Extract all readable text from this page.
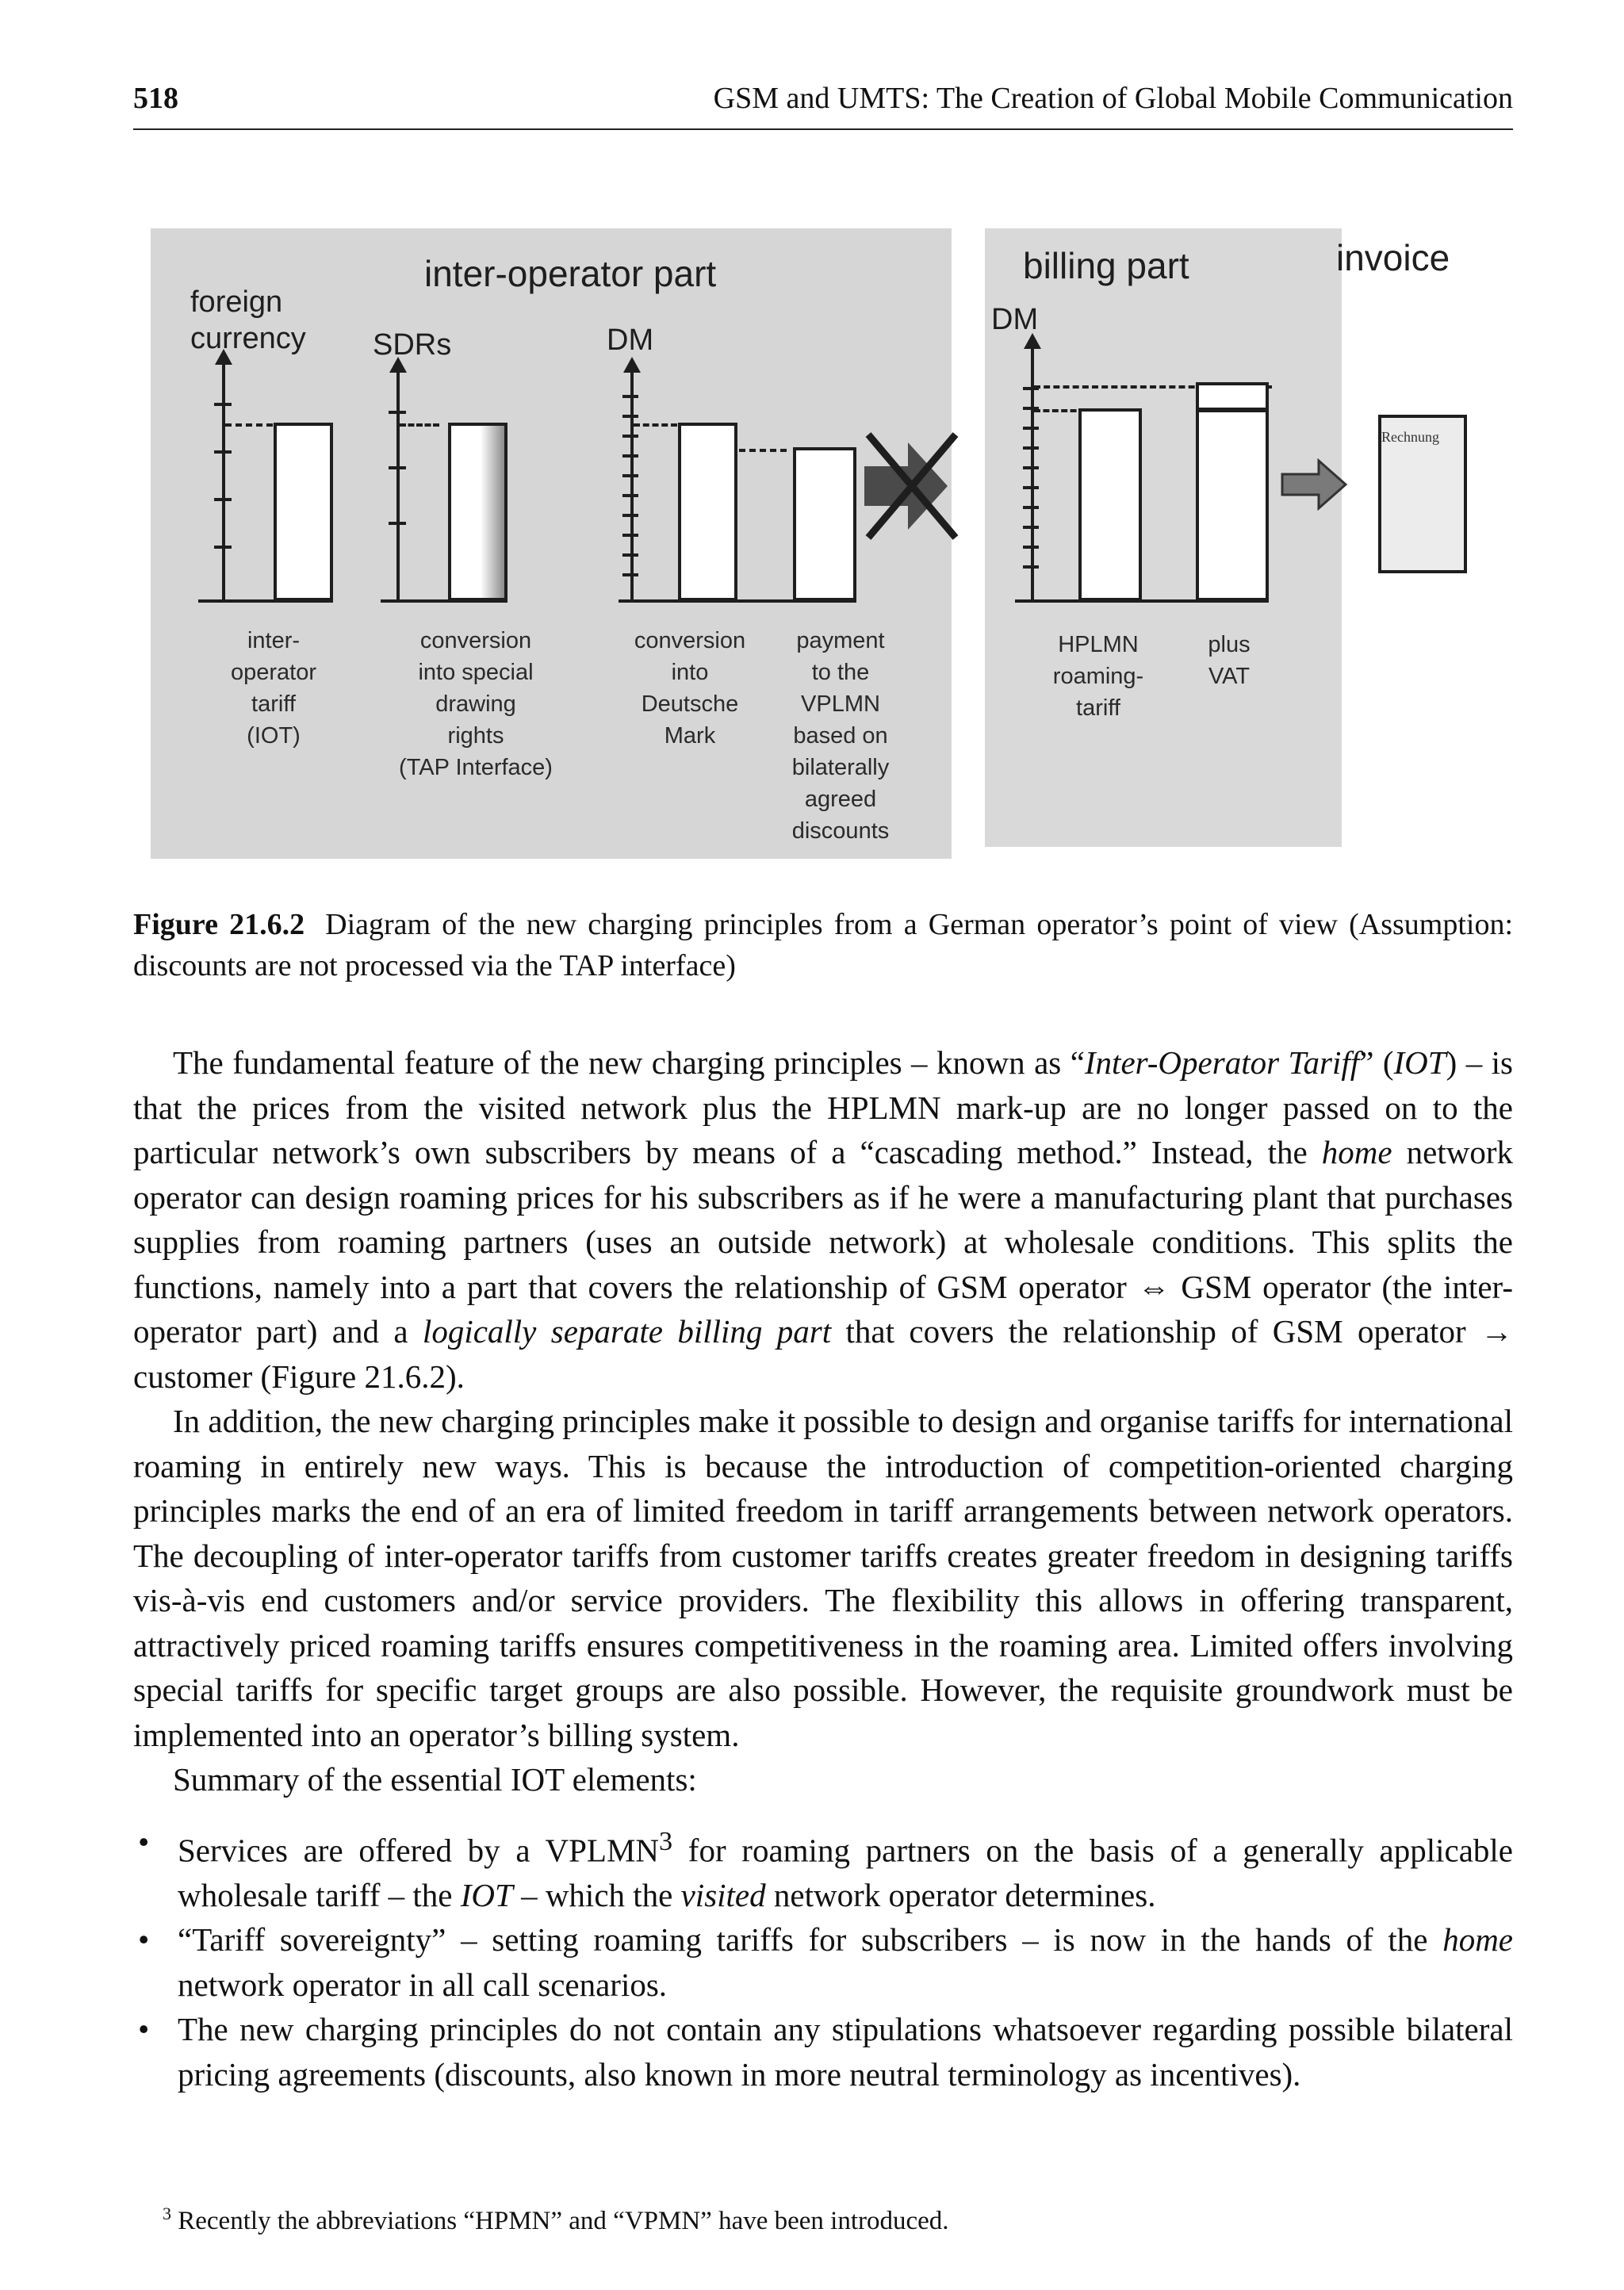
518	GSM and UMTS: The Creation of Global Mobile Communication
inter-operator part	billing part	invoice
foreign
currency SDRs	DM
DM
Rechnung
inter-
operator
tariff
(IOT)
conversion
into special
drawing
rights
(TAP Interface)
conversion
into
Deutsche
Mark
payment
to the
VPLMN
based on
bilaterally
agreed
discounts
HPLMN
roaming-
tariff
plus
VAT
Figure 21.6.2 Diagram of the new charging principles from a German operator’s point of view (Assumption: discounts are not processed via the TAP interface)

The fundamental feature of the new charging principles – known as “Inter-Operator Tariff” (IOT) – is that the prices from the visited network plus the HPLMN mark-up are no longer passed on to the particular network’s own subscribers by means of a “cascading method.” Instead, the home network operator can design roaming prices for his subscribers as if he were a manufacturing plant that purchases supplies from roaming partners (uses an outside network) at wholesale conditions. This splits the functions, namely into a part that covers the relationship of GSM operator ⇔ GSM operator (the inter-operator part) and a logically separate billing part that covers the relationship of GSM operator → customer (Figure 21.6.2).

In addition, the new charging principles make it possible to design and organise tariffs for international roaming in entirely new ways. This is because the introduction of competition-oriented charging principles marks the end of an era of limited freedom in tariff arrangements between network operators. The decoupling of inter-operator tariffs from customer tariffs creates greater freedom in designing tariffs vis-à-vis end customers and/or service providers. The flexibility this allows in offering transparent, attractively priced roaming tariffs ensures competitiveness in the roaming area. Limited offers involving special tariffs for specific target groups are also possible. However, the requisite groundwork must be implemented into an operator’s billing system.

Summary of the essential IOT elements:

• Services are offered by a VPLMN$^3$ for roaming partners on the basis of a generally applicable wholesale tariff – the IOT – which the visited network operator determines.
• “Tariff sovereignty” – setting roaming tariffs for subscribers – is now in the hands of the home network operator in all call scenarios.
• The new charging principles do not contain any stipulations whatsoever regarding possible bilateral pricing agreements (discounts, also known in more neutral terminology as incentives).
$^3$ Recently the abbreviations “HPMN” and “VPMN” have been introduced.
